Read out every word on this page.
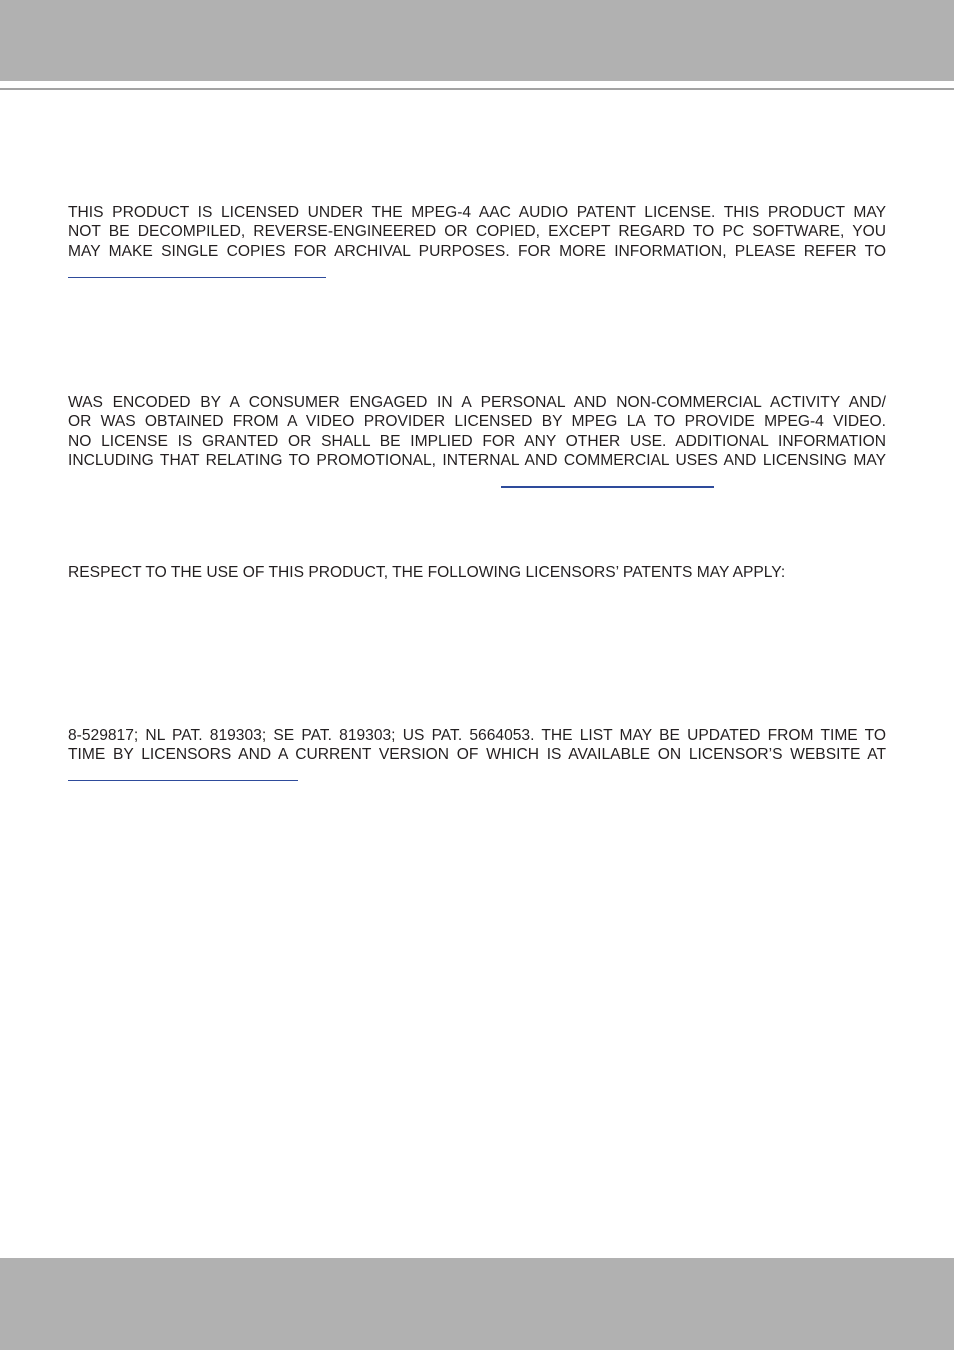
THIS PRODUCT IS LICENSED UNDER THE MPEG-4 AAC AUDIO PATENT LICENSE. THIS PRODUCT MAY
NOT BE DECOMPILED, REVERSE-ENGINEERED OR COPIED, EXCEPT REGARD TO PC SOFTWARE, YOU
MAY MAKE SINGLE COPIES FOR ARCHIVAL PURPOSES. FOR MORE INFORMATION, PLEASE REFER TO

WAS ENCODED BY A CONSUMER ENGAGED IN A PERSONAL AND NON-COMMERCIAL ACTIVITY AND/
OR WAS OBTAINED FROM A VIDEO PROVIDER LICENSED BY MPEG LA TO PROVIDE MPEG-4 VIDEO.
NO LICENSE IS GRANTED OR SHALL BE IMPLIED FOR ANY OTHER USE. ADDITIONAL INFORMATION
INCLUDING THAT RELATING TO PROMOTIONAL, INTERNAL AND COMMERCIAL USES AND LICENSING MAY

RESPECT TO THE USE OF THIS PRODUCT, THE FOLLOWING LICENSORS’ PATENTS MAY APPLY:

8-529817; NL PAT. 819303; SE PAT. 819303; US PAT. 5664053. THE LIST MAY BE UPDATED FROM TIME TO
TIME BY LICENSORS AND A CURRENT VERSION OF WHICH IS AVAILABLE ON LICENSOR’S WEBSITE AT
